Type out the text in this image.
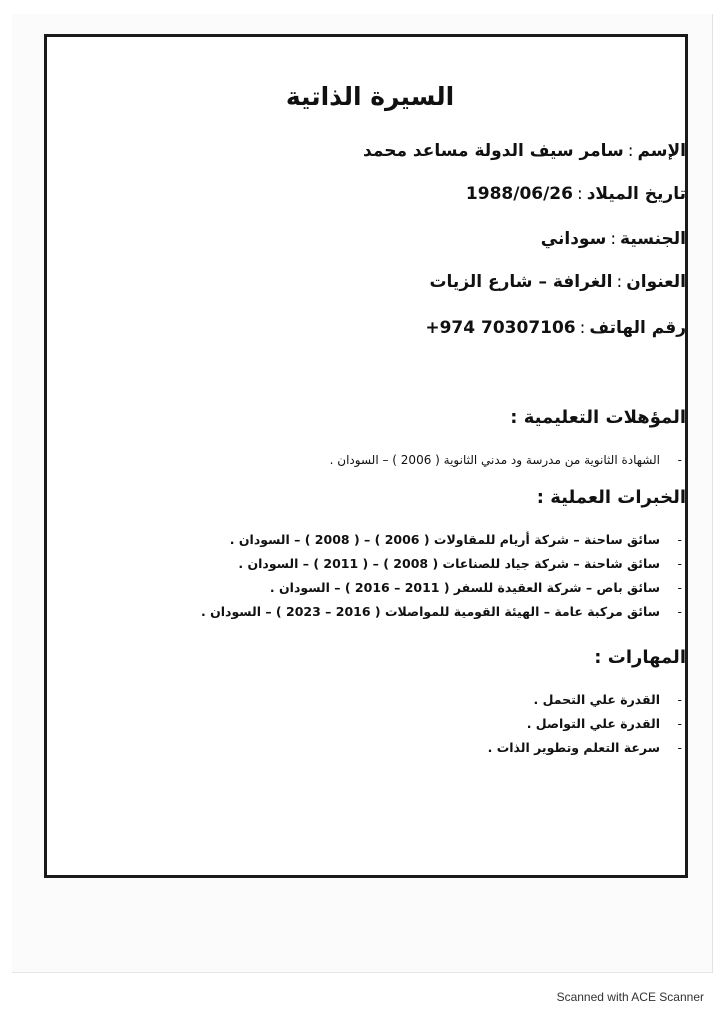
السيرة الذاتية
الإسم:سامر سيف الدولة مساعد محمد
تاريخ الميلاد:1988/06/26
الجنسية:سوداني
العنوان:الغرافة – شارع الزيات
رقم الهاتف:+974 70307106
المؤهلات التعليمية :
-
الشهادة الثانوية من مدرسة ود مدني الثانوية ( 2006 ) – السودان .
الخبرات العملية :
-
سائق ساحنة – شركة أريام للمقاولات ( 2006 ) – ( 2008 ) – السودان .
-
سائق شاحنة – شركة جياد للصناعات ( 2008 ) – ( 2011 ) – السودان .
-
سائق باص – شركة العقيدة للسفر ( 2011 – 2016 ) – السودان .
-
سائق مركبة عامة – الهيئة القومية للمواصلات ( 2016 – 2023 ) – السودان .
المهارات :
-
القدرة علي التحمل .
-
القدرة علي التواصل .
-
سرعة التعلم وتطوير الذات .
Scanned with ACE Scanner
